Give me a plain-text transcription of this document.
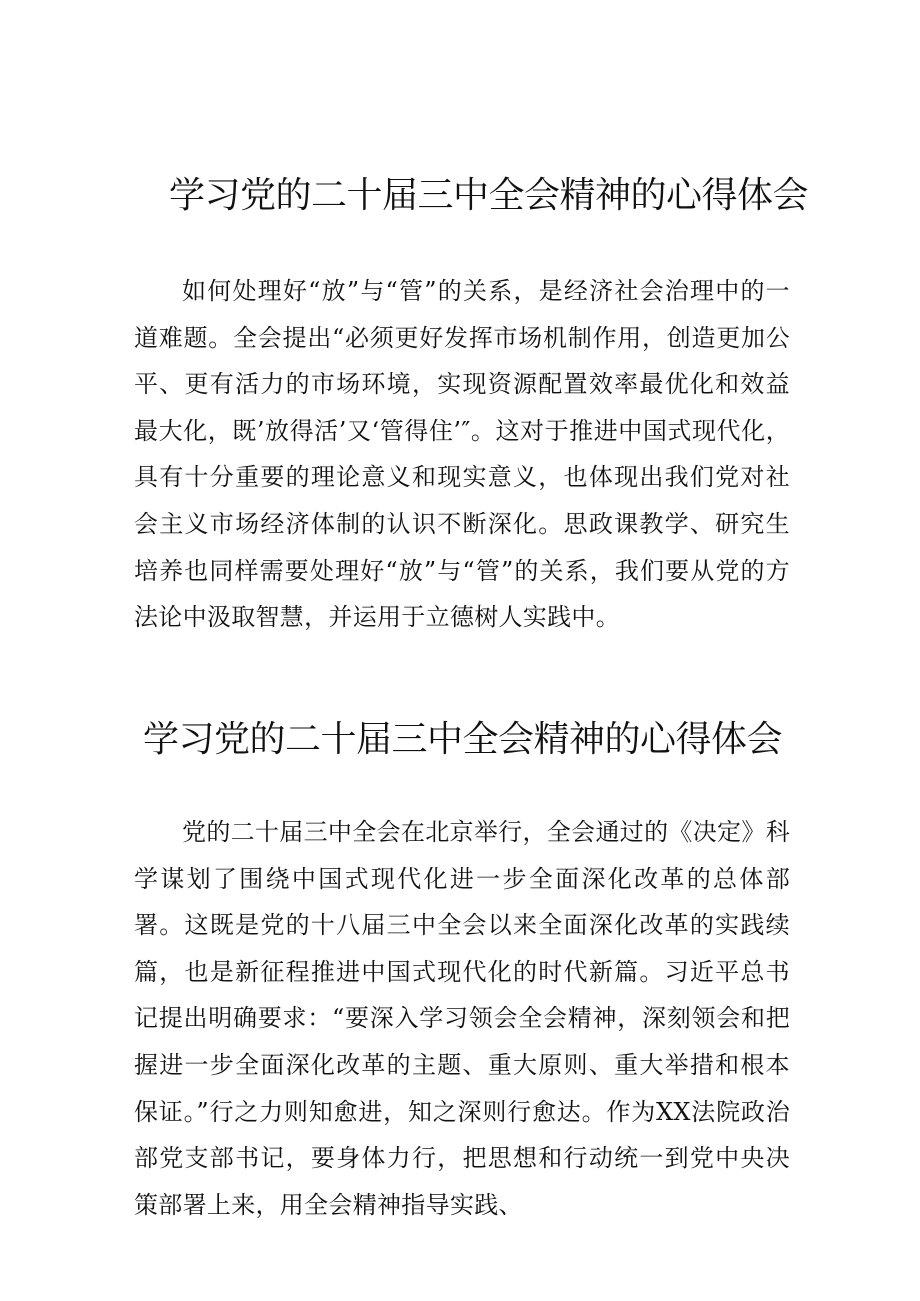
学习党的二十届三中全会精神的心得体会

如何处理好“放”与“管”的关系，是经济社会治理中的一道难题。全会提出“必须更好发挥市场机制作用，创造更加公平、更有活力的市场环境，实现资源配置效率最优化和效益最大化，既’放得活’又‘管得住’″。这对于推进中国式现代化，具有十分重要的理论意义和现实意义，也体现出我们党对社会主义市场经济体制的认识不断深化。思政课教学、研究生培养也同样需要处理好“放”与“管”的关系，我们要从党的方法论中汲取智慧，并运用于立德树人实践中。

学习党的二十届三中全会精神的心得体会

党的二十届三中全会在北京举行，全会通过的《决定》科学谋划了围绕中国式现代化进一步全面深化改革的总体部署。这既是党的十八届三中全会以来全面深化改革的实践续篇，也是新征程推进中国式现代化的时代新篇。习近平总书记提出明确要求：“要深入学习领会全会精神，深刻领会和把握进一步全面深化改革的主题、重大原则、重大举措和根本保证。”行之力则知愈进，知之深则行愈达。作为XX法院政治部党支部书记，要身体力行，把思想和行动统一到党中央决策部署上来，用全会精神指导实践、
